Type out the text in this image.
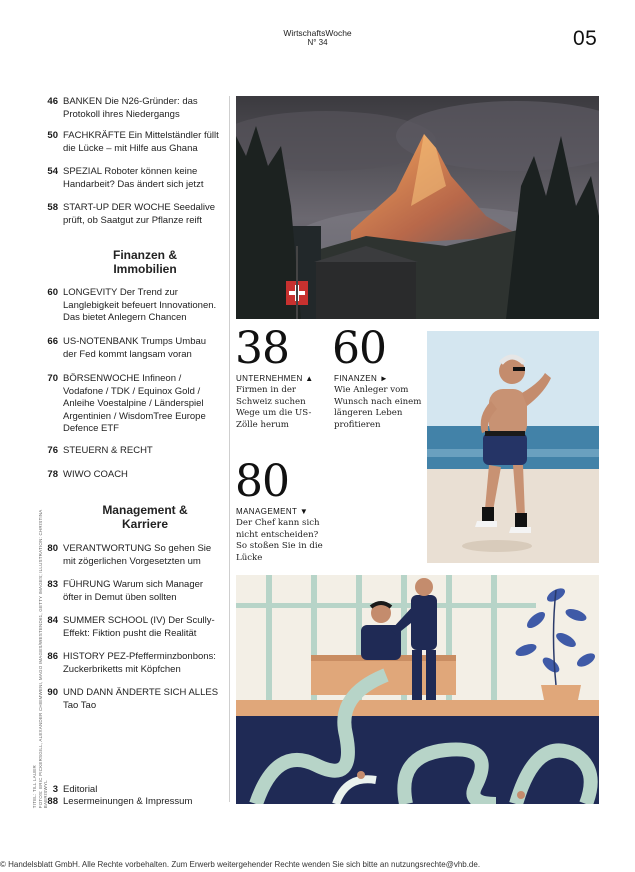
WirtschaftsWoche
N° 34	05
46 BANKEN Die N26-Gründer: das Protokoll ihres Niedergangs
50 FACHKRÄFTE Ein Mittelständler füllt die Lücke – mit Hilfe aus Ghana
54 SPEZIAL Roboter können keine Handarbeit? Das ändert sich jetzt
58 START-UP DER WOCHE Seedalive prüft, ob Saatgut zur Pflanze reift
Finanzen &
Immobilien
60 LONGEVITY Der Trend zur Langlebigkeit befeuert Innovationen. Das bietet Anlegern Chancen
66 US-NOTENBANK Trumps Umbau der Fed kommt langsam voran
70 BÖRSENWOCHE Infineon / Vodafone / TDK / Equinox Gold / Anleihe Voestalpine / Länderspiel Argentinien / WisdomTree Europe Defence ETF
76 STEUERN & RECHT
78 WIWO COACH
Management &
Karriere
80 VERANTWORTUNG So gehen Sie mit zögerlichen Vorgesetzten um
83 FÜHRUNG Warum sich Manager öfter in Demut üben sollten
84 SUMMER SCHOOL (IV) Der Scully-Effekt: Fiktion pusht die Realität
86 HISTORY PEZ-Pfefferminzbonbons: Zuckerbriketts mit Köpfchen
90 UND DANN ÄNDERTE SICH ALLES Tao Tao
3 Editorial
88 Lesermeinungen & Impressum
TITEL: TILL LAUER FOTOS: ERIC PICKERSGILL, ALEXANDER CHIEMWENI, MAGO IMAGES/WESTEND61, GETTY IMAGES; ILLUSTRATION: CHRISTINA BAERISWYL
38
UNTERNEHMEN ▲
Firmen in der Schweiz suchen Wege um die US-Zölle herum
60
FINANZEN ►
Wie Anleger vom Wunsch nach einem längeren Leben profitieren
80
MANAGEMENT ▼
Der Chef kann sich nicht entscheiden? So stoßen Sie in die Lücke
© Handelsblatt GmbH. Alle Rechte vorbehalten. Zum Erwerb weitergehender Rechte wenden Sie sich bitte an nutzungsrechte@vhb.de.
